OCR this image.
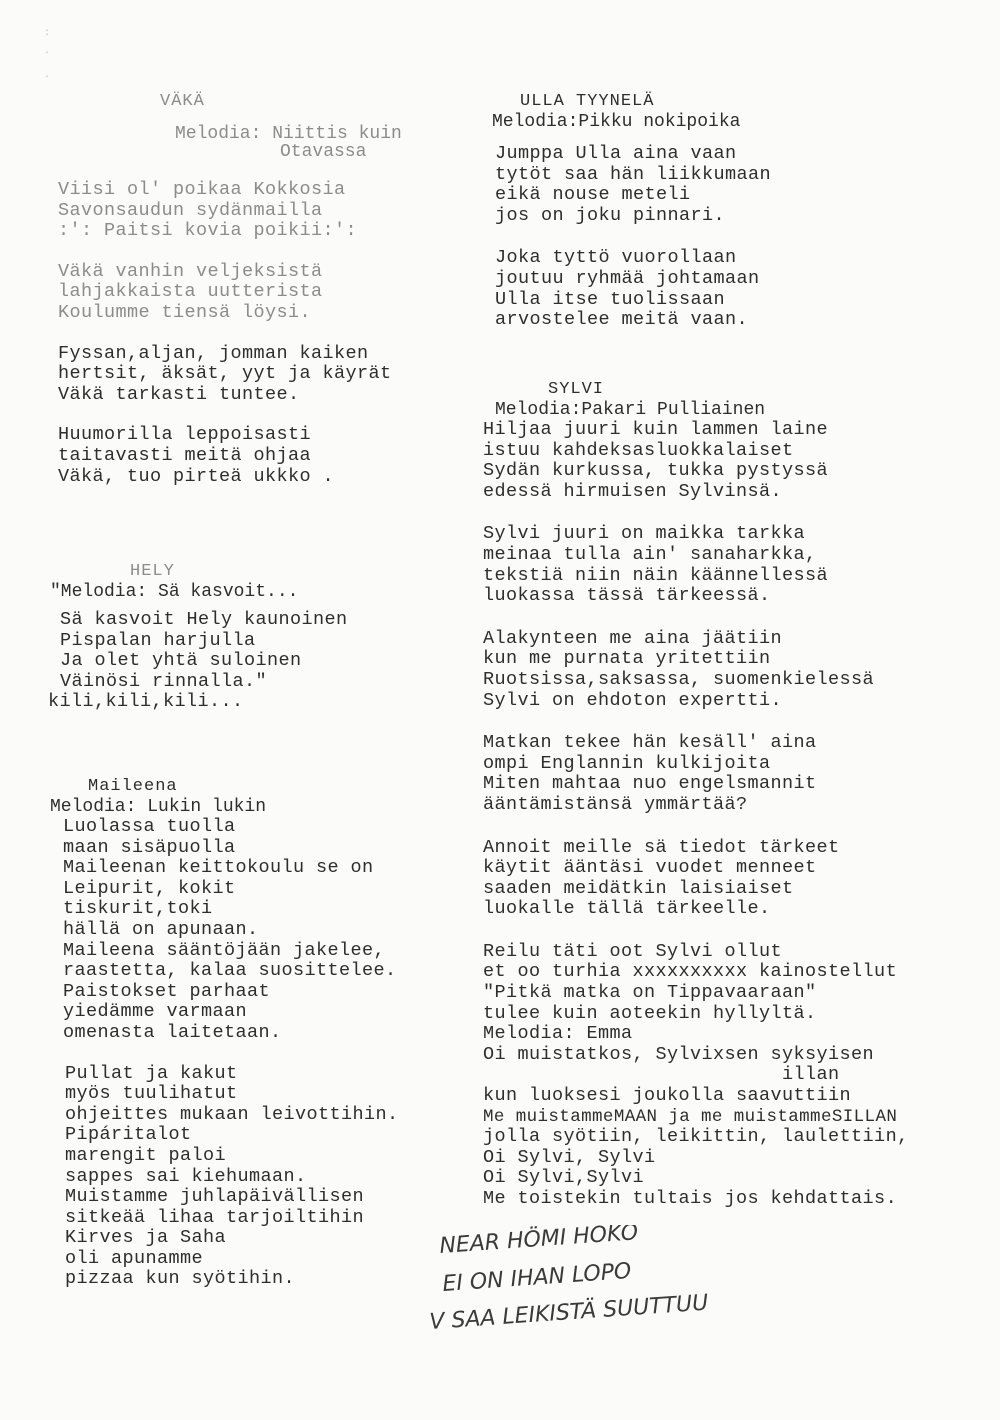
:
·
·
VÄKÄ
Melodia: Niittis kuin
Otavassa
Viisi ol' poikaa Kokkosia
Savonsaudun sydänmailla
:': Paitsi kovia poikii:':
Väkä vanhin veljeksistä
lahjakkaista uutterista
Koulumme tiensä löysi.
Fyssan,aljan, jomman kaiken
hertsit, äksät, yyt ja käyrät
Väkä tarkasti tuntee.
Huumorilla leppoisasti
taitavasti meitä ohjaa
Väkä, tuo pirteä ukkko .
HELY
"Melodia: Sä kasvoit...
Sä kasvoit Hely kaunoinen
Pispalan harjulla
Ja olet yhtä suloinen
Väinösi rinnalla."
kili,kili,kili...
Maileena
Melodia: Lukin lukin
Luolassa tuolla
maan sisäpuolla
Maileenan keittokoulu se on
Leipurit, kokit
tiskurit,toki
hällä on apunaan.
Maileena sääntöjään jakelee,
raastetta, kalaa suosittelee.
Paistokset parhaat
yiedämme varmaan
omenasta laitetaan.
Pullat ja kakut
myös tuulihatut
ohjeittes mukaan leivottihin.
Pipáritalot
marengit paloi
sappes sai kiehumaan.
Muistamme juhlapäivällisen
sitkeää lihaa tarjoiltihin
Kirves ja Saha
oli apunamme
pizzaa kun syötihin.
ULLA TYYNELÄ
Melodia:Pikku nokipoika
Jumppa Ulla aina vaan
tytöt saa hän liikkumaan
eikä nouse meteli
jos on joku pinnari.
Joka tyttö vuorollaan
joutuu ryhmää johtamaan
Ulla itse tuolissaan
arvostelee meitä vaan.
SYLVI
Melodia:Pakari Pulliainen
Hiljaa juuri kuin lammen laine
istuu kahdeksasluokkalaiset
Sydän kurkussa, tukka pystyssä
edessä hirmuisen Sylvinsä.
Sylvi juuri on maikka tarkka
meinaa tulla ain' sanaharkka,
tekstiä niin näin käännellessä
luokassa tässä tärkeessä.
Alakynteen me aina jäätiin
kun me purnata yritettiin
Ruotsissa,saksassa, suomenkielessä
Sylvi on ehdoton expertti.
Matkan tekee hän kesäll' aina
ompi Englannin kulkijoita
Miten mahtaa nuo engelsmannit
ääntämistänsä ymmärtää?
Annoit meille sä tiedot tärkeet
käytit ääntäsi vuodet menneet
saaden meidätkin laisiaiset
luokalle tällä tärkeelle.
Reilu täti oot Sylvi ollut
et oo turhia xxxxxxxxxx kainostellut
"Pitkä matka on Tippavaaraan"
tulee kuin aoteekin hyllyltä.
Melodia: Emma
Oi muistatkos, Sylvixsen syksyisen
illan
kun luoksesi joukolla saavuttiin
Me muistammeMAAN ja me muistammeSILLAN
jolla syötiin, leikittin, laulettiin,
Oi Sylvi, Sylvi
Oi Sylvi,Sylvi
Me toistekin tultais jos kehdattais.
NEAR HÖMI HOKO
EI ON IHAN LOPO
V SAA LEIKISTÄ SUUTTUU
